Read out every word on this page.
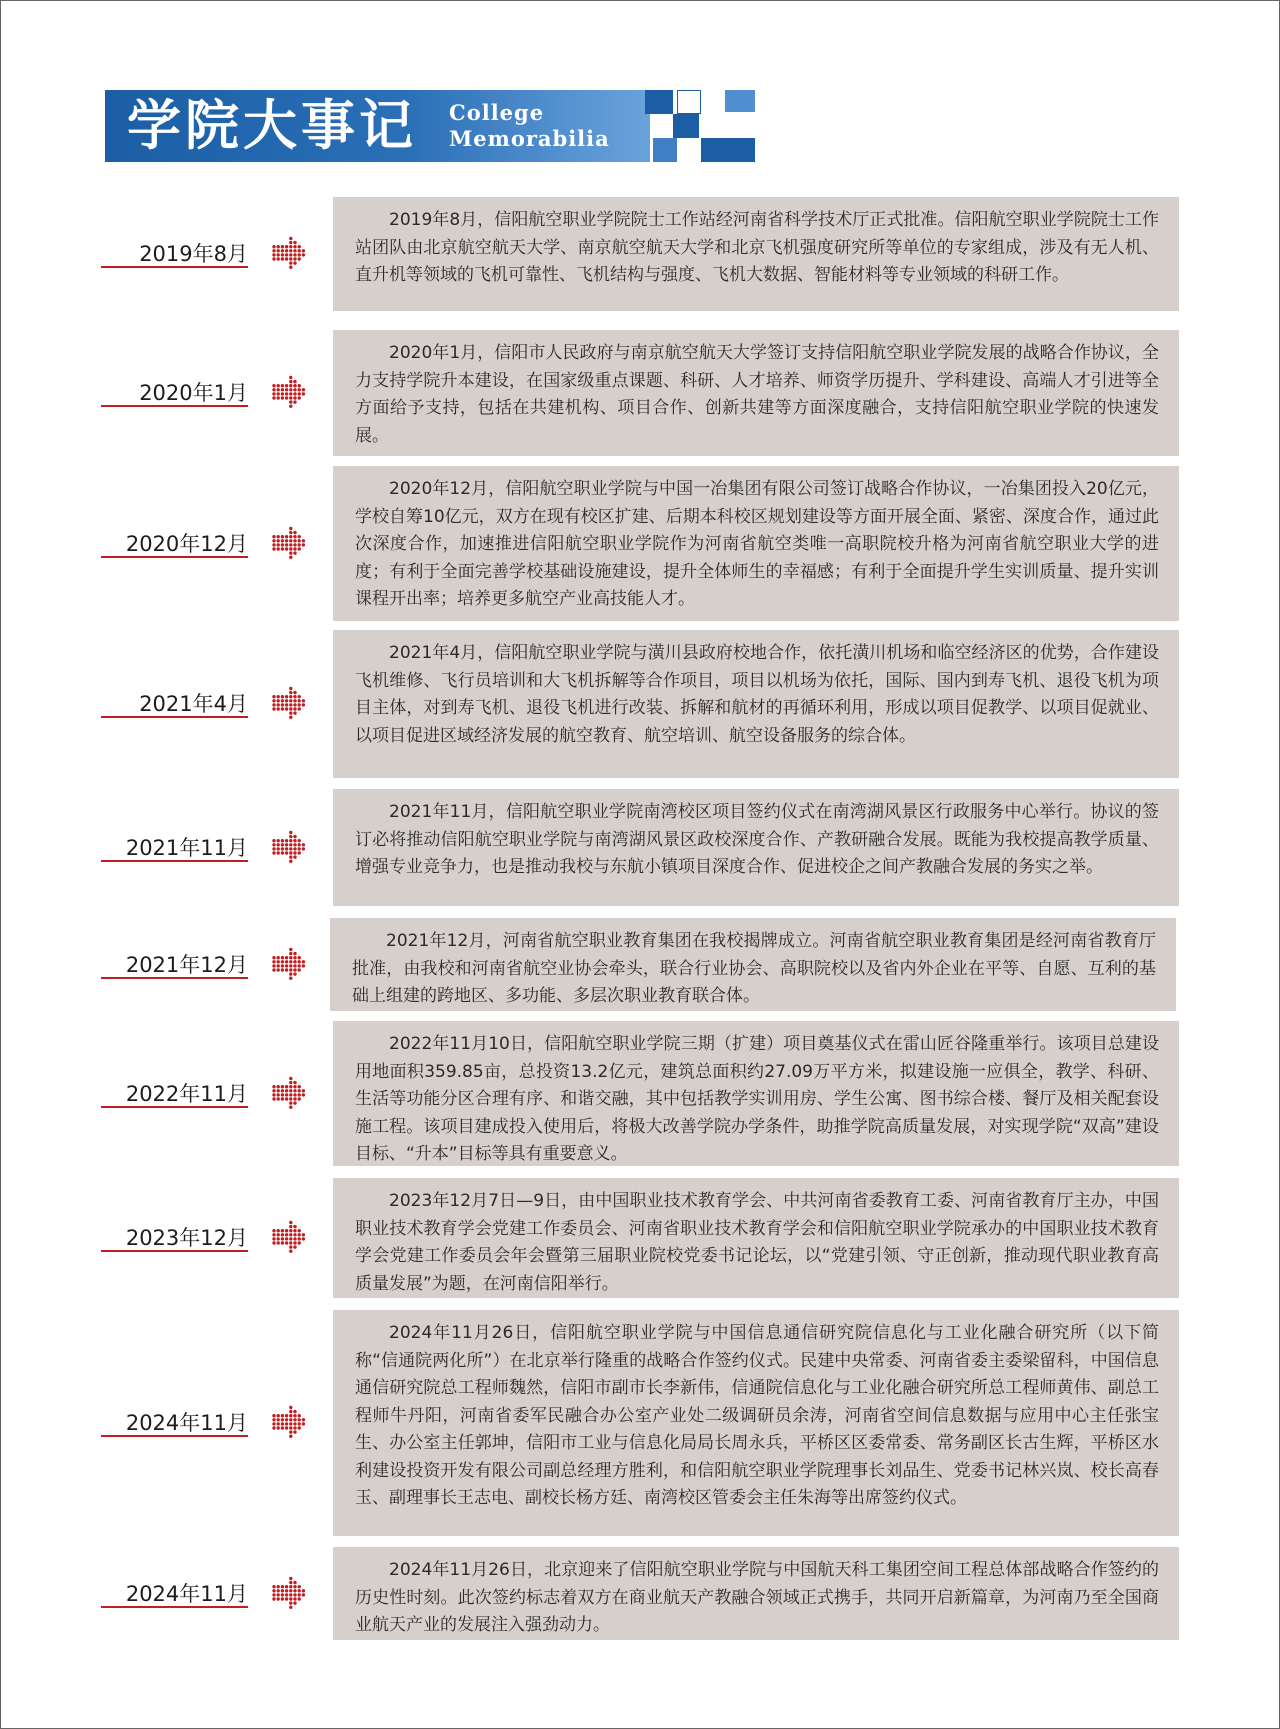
学院大事记 College
Memorabilia
2019年8月
2019年8月，信阳航空职业学院院士工作站经河南省科学技术厅正式批准。信阳航空职业学院院士工作站团队由北京航空航天大学、南京航空航天大学和北京飞机强度研究所等单位的专家组成，涉及有无人机、直升机等领域的飞机可靠性、飞机结构与强度、飞机大数据、智能材料等专业领域的科研工作。
2020年1月
2020年1月，信阳市人民政府与南京航空航天大学签订支持信阳航空职业学院发展的战略合作协议，全力支持学院升本建设，在国家级重点课题、科研、人才培养、师资学历提升、学科建设、高端人才引进等全方面给予支持，包括在共建机构、项目合作、创新共建等方面深度融合，支持信阳航空职业学院的快速发展。
2020年12月
2020年12月，信阳航空职业学院与中国一冶集团有限公司签订战略合作协议，一冶集团投入20亿元，学校自筹10亿元，双方在现有校区扩建、后期本科校区规划建设等方面开展全面、紧密、深度合作，通过此次深度合作，加速推进信阳航空职业学院作为河南省航空类唯一高职院校升格为河南省航空职业大学的进度；有利于全面完善学校基础设施建设，提升全体师生的幸福感；有利于全面提升学生实训质量、提升实训课程开出率；培养更多航空产业高技能人才。
2021年4月
2021年4月，信阳航空职业学院与潢川县政府校地合作，依托潢川机场和临空经济区的优势，合作建设飞机维修、飞行员培训和大飞机拆解等合作项目，项目以机场为依托，国际、国内到寿飞机、退役飞机为项目主体，对到寿飞机、退役飞机进行改装、拆解和航材的再循环利用，形成以项目促教学、以项目促就业、以项目促进区域经济发展的航空教育、航空培训、航空设备服务的综合体。
2021年11月
2021年11月，信阳航空职业学院南湾校区项目签约仪式在南湾湖风景区行政服务中心举行。协议的签订必将推动信阳航空职业学院与南湾湖风景区政校深度合作、产教研融合发展。既能为我校提高教学质量、增强专业竞争力，也是推动我校与东航小镇项目深度合作、促进校企之间产教融合发展的务实之举。
2021年12月
2021年12月，河南省航空职业教育集团在我校揭牌成立。河南省航空职业教育集团是经河南省教育厅批准，由我校和河南省航空业协会牵头，联合行业协会、高职院校以及省内外企业在平等、自愿、互利的基础上组建的跨地区、多功能、多层次职业教育联合体。
2022年11月
2022年11月10日，信阳航空职业学院三期（扩建）项目奠基仪式在雷山匠谷隆重举行。该项目总建设用地面积359.85亩，总投资13.2亿元，建筑总面积约27.09万平方米，拟建设施一应俱全，教学、科研、生活等功能分区合理有序、和谐交融，其中包括教学实训用房、学生公寓、图书综合楼、餐厅及相关配套设施工程。该项目建成投入使用后，将极大改善学院办学条件，助推学院高质量发展，对实现学院“双高”建设目标、“升本”目标等具有重要意义。
2023年12月
2023年12月7日—9日，由中国职业技术教育学会、中共河南省委教育工委、河南省教育厅主办，中国职业技术教育学会党建工作委员会、河南省职业技术教育学会和信阳航空职业学院承办的中国职业技术教育学会党建工作委员会年会暨第三届职业院校党委书记论坛，以“党建引领、守正创新，推动现代职业教育高质量发展”为题，在河南信阳举行。
2024年11月
2024年11月26日，信阳航空职业学院与中国信息通信研究院信息化与工业化融合研究所（以下简称“信通院两化所”）在北京举行隆重的战略合作签约仪式。民建中央常委、河南省委主委梁留科，中国信息通信研究院总工程师魏然，信阳市副市长李新伟，信通院信息化与工业化融合研究所总工程师黄伟、副总工程师牛丹阳，河南省委军民融合办公室产业处二级调研员余涛，河南省空间信息数据与应用中心主任张宝生、办公室主任郭坤，信阳市工业与信息化局局长周永兵，平桥区区委常委、常务副区长古生辉，平桥区水利建设投资开发有限公司副总经理方胜利，和信阳航空职业学院理事长刘品生、党委书记林兴岚、校长高春玉、副理事长王志电、副校长杨方廷、南湾校区管委会主任朱海等出席签约仪式。
2024年11月
2024年11月26日，北京迎来了信阳航空职业学院与中国航天科工集团空间工程总体部战略合作签约的历史性时刻。此次签约标志着双方在商业航天产教融合领域正式携手，共同开启新篇章，为河南乃至全国商业航天产业的发展注入强劲动力。
